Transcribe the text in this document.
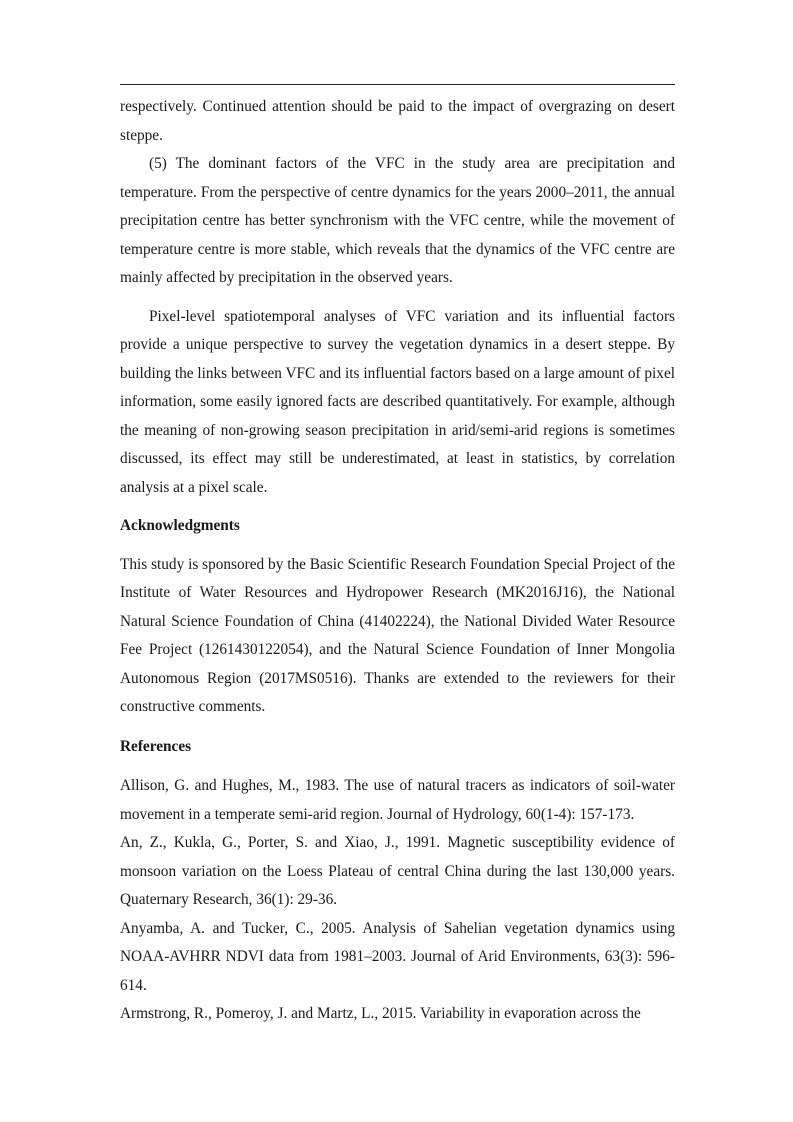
respectively. Continued attention should be paid to the impact of overgrazing on desert steppe.

(5) The dominant factors of the VFC in the study area are precipitation and temperature. From the perspective of centre dynamics for the years 2000–2011, the annual precipitation centre has better synchronism with the VFC centre, while the movement of temperature centre is more stable, which reveals that the dynamics of the VFC centre are mainly affected by precipitation in the observed years.

Pixel-level spatiotemporal analyses of VFC variation and its influential factors provide a unique perspective to survey the vegetation dynamics in a desert steppe. By building the links between VFC and its influential factors based on a large amount of pixel information, some easily ignored facts are described quantitatively. For example, although the meaning of non-growing season precipitation in arid/semi-arid regions is sometimes discussed, its effect may still be underestimated, at least in statistics, by correlation analysis at a pixel scale.

Acknowledgments

This study is sponsored by the Basic Scientific Research Foundation Special Project of the Institute of Water Resources and Hydropower Research (MK2016J16), the National Natural Science Foundation of China (41402224), the National Divided Water Resource Fee Project (1261430122054), and the Natural Science Foundation of Inner Mongolia Autonomous Region (2017MS0516). Thanks are extended to the reviewers for their constructive comments.

References

Allison, G. and Hughes, M., 1983. The use of natural tracers as indicators of soil-water movement in a temperate semi-arid region. Journal of Hydrology, 60(1-4): 157-173.

An, Z., Kukla, G., Porter, S. and Xiao, J., 1991. Magnetic susceptibility evidence of monsoon variation on the Loess Plateau of central China during the last 130,000 years. Quaternary Research, 36(1): 29-36.

Anyamba, A. and Tucker, C., 2005. Analysis of Sahelian vegetation dynamics using NOAA-AVHRR NDVI data from 1981–2003. Journal of Arid Environments, 63(3): 596-614.

Armstrong, R., Pomeroy, J. and Martz, L., 2015. Variability in evaporation across the
